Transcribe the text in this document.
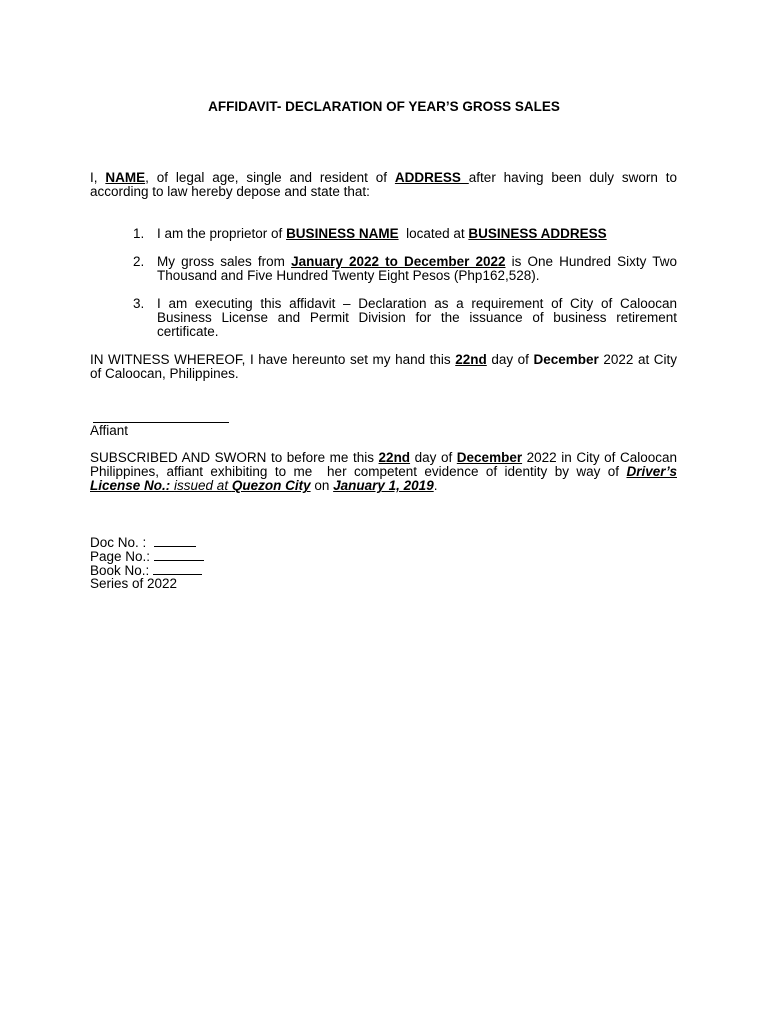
AFFIDAVIT- DECLARATION OF YEAR’S GROSS SALES
I, NAME, of legal age, single and resident of ADDRESS after having been duly sworn to according to law hereby depose and state that:
1. I am the proprietor of BUSINESS NAME  located at BUSINESS ADDRESS
2. My gross sales from January 2022 to December 2022 is One Hundred Sixty Two Thousand and Five Hundred Twenty Eight Pesos (Php162,528).
3. I am executing this affidavit – Declaration as a requirement of City of Caloocan Business License and Permit Division for the issuance of business retirement certificate.
IN WITNESS WHEREOF, I have hereunto set my hand this 22nd day of December 2022 at City of Caloocan, Philippines.
Affiant
SUBSCRIBED AND SWORN to before me this 22nd day of December 2022 in City of Caloocan Philippines, affiant exhibiting to me  her competent evidence of identity by way of Driver’s License No.: issued at Quezon City on January 1, 2019.
Doc No. :
Page No.:
Book No.:
Series of 2022
